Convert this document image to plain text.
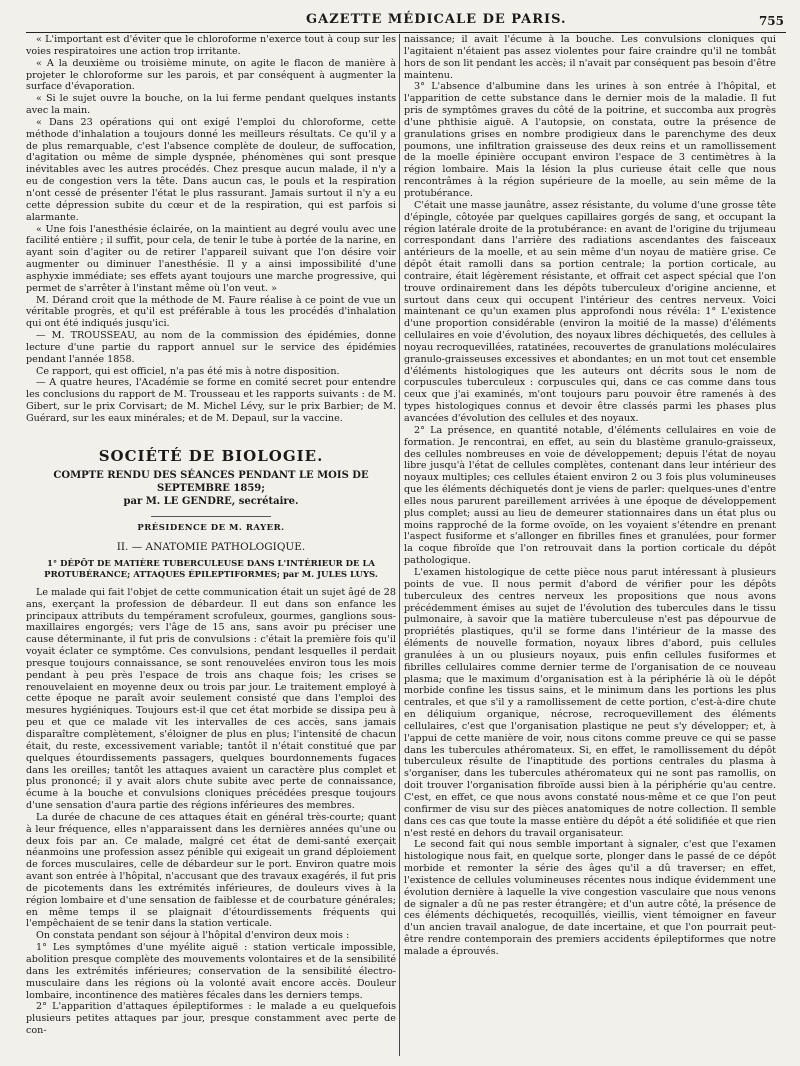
GAZETTE MÉDICALE DE PARIS.	755

« L'important est d'éviter que le chloroforme n'exerce tout à coup sur les voies respiratoires une action trop irritante.

« A la deuxième ou troisième minute, on agite le flacon de manière à projeter le chloroforme sur les parois, et par conséquent à augmenter la surface d'évaporation.

« Si le sujet ouvre la bouche, on la lui ferme pendant quelques instants avec la main.

« Dans 23 opérations qui ont exigé l'emploi du chloroforme, cette méthode d'inhalation a toujours donné les meilleurs résultats. Ce qu'il y a de plus remarquable, c'est l'absence complète de douleur, de suffocation, d'agitation ou même de simple dyspnée, phénomènes qui sont presque inévitables avec les autres procédés. Chez presque aucun malade, il n'y a eu de congestion vers la tête. Dans aucun cas, le pouls et la respiration n'ont cessé de présenter l'état le plus rassurant. Jamais surtout il n'y a eu cette dépression subite du cœur et de la respiration, qui est parfois si alarmante.

« Une fois l'anesthésie éclairée, on la maintient au degré voulu avec une facilité entière ; il suffit, pour cela, de tenir le tube à portée de la narine, en ayant soin d'agiter ou de retirer l'appareil suivant que l'on désire voir augmenter ou diminuer l'anesthésie. Il y a ainsi impossibilité d'une asphyxie immédiate; ses effets ayant toujours une marche progressive, qui permet de s'arrêter à l'instant même où l'on veut. »

M. Dérand croit que la méthode de M. Faure réalise à ce point de vue un véritable progrès, et qu'il est préférable à tous les procédés d'inhalation qui ont été indiqués jusqu'ici.

— M. TROUSSEAU, au nom de la commission des épidémies, donne lecture d'une partie du rapport annuel sur le service des épidémies pendant l'année 1858.

Ce rapport, qui est officiel, n'a pas été mis à notre disposition.

— A quatre heures, l'Académie se forme en comité secret pour entendre les conclusions du rapport de M. Trousseau et les rapports suivants : de M. Gibert, sur le prix Corvisart; de M. Michel Lévy, sur le prix Barbier; de M. Guérard, sur les eaux minérales; et de M. Depaul, sur la vaccine.

SOCIÉTÉ DE BIOLOGIE.
COMPTE RENDU DES SÉANCES PENDANT LE MOIS DE SEPTEMBRE 1859;
par M. LE GENDRE, secrétaire.
PRÉSIDENCE DE M. RAYER.
II. — ANATOMIE PATHOLOGIQUE.
1° DÉPÔT DE MATIÈRE TUBERCULEUSE DANS L'INTÉRIEUR DE LA PROTUBÉRANCE; ATTAQUES ÉPILEPTIFORMES; par M. JULES LUYS.

Le malade qui fait l'objet de cette communication était un sujet âgé de 28 ans, exerçant la profession de débardeur. Il eut dans son enfance les principaux attributs du tempérament scrofuleux, gourmes, ganglions sous-maxillaires engorgés; vers l'âge de 15 ans, sans avoir pu préciser une cause déterminante, il fut pris de convulsions : c'était la première fois qu'il voyait éclater ce symptôme. Ces convulsions, pendant lesquelles il perdait presque toujours connaissance, se sont renouvelées environ tous les mois pendant à peu près l'espace de trois ans chaque fois; les crises se renouvelaient en moyenne deux ou trois par jour. Le traitement employé à cette époque ne paraît avoir seulement consisté que dans l'emploi des mesures hygiéniques. Toujours est-il que cet état morbide se dissipa peu à peu et que ce malade vit les intervalles de ces accès, sans jamais disparaître complètement, s'éloigner de plus en plus; l'intensité de chacun était, du reste, excessivement variable; tantôt il n'était constitué que par quelques étourdissements passagers, quelques bourdonnements fugaces dans les oreilles; tantôt les attaques avaient un caractère plus complet et plus prononcé; il y avait alors chute subite avec perte de connaissance, écume à la bouche et convulsions cloniques précédées presque toujours d'une sensation d'aura partie des régions inférieures des membres.

La durée de chacune de ces attaques était en général très-courte; quant à leur fréquence, elles n'apparaissent dans les dernières années qu'une ou deux fois par an. Ce malade, malgré cet état de demi-santé exerçait néanmoins une profession assez pénible qui exigeait un grand déploiement de forces musculaires, celle de débardeur sur le port. Environ quatre mois avant son entrée à l'hôpital, n'accusant que des travaux exagérés, il fut pris de picotements dans les extrémités inférieures, de douleurs vives à la région lombaire et d'une sensation de faiblesse et de courbature générales; en même temps il se plaignait d'étourdissements fréquents qui l'empêchaient de se tenir dans la station verticale.

On constata pendant son séjour à l'hôpital d'environ deux mois :

1° Les symptômes d'une myélite aiguë : station verticale impossible, abolition presque complète des mouvements volontaires et de la sensibilité dans les extrémités inférieures; conservation de la sensibilité électro-musculaire dans les régions où la volonté avait encore accès. Douleur lombaire, incontinence des matières fécales dans les derniers temps.

2° L'apparition d'attaques épileptiformes : le malade a eu quelquefois plusieurs petites attaques par jour, presque constamment avec perte de con-

naissance; il avait l'écume à la bouche. Les convulsions cloniques qui l'agitaient n'étaient pas assez violentes pour faire craindre qu'il ne tombât hors de son lit pendant les accès; il n'avait par conséquent pas besoin d'être maintenu.

3° L'absence d'albumine dans les urines à son entrée à l'hôpital, et l'apparition de cette substance dans le dernier mois de la maladie. Il fut pris de symptômes graves du côté de la poitrine, et succomba aux progrès d'une phthisie aiguë. A l'autopsie, on constata, outre la présence de granulations grises en nombre prodigieux dans le parenchyme des deux poumons, une infiltration graisseuse des deux reins et un ramollissement de la moelle épinière occupant environ l'espace de 3 centimètres à la région lombaire. Mais la lésion la plus curieuse était celle que nous rencontrâmes à la région supérieure de la moelle, au sein même de la protubérance.

C'était une masse jaunâtre, assez résistante, du volume d'une grosse tête d'épingle, côtoyée par quelques capillaires gorgés de sang, et occupant la région latérale droite de la protubérance: en avant de l'origine du trijumeau correspondant dans l'arrière des radiations ascendantes des faisceaux antérieurs de la moelle, et au sein même d'un noyau de matière grise. Ce dépôt était ramolli dans sa portion centrale; la portion corticale, au contraire, était légèrement résistante, et offrait cet aspect spécial que l'on trouve ordinairement dans les dépôts tuberculeux d'origine ancienne, et surtout dans ceux qui occupent l'intérieur des centres nerveux. Voici maintenant ce qu'un examen plus approfondi nous révéla: 1° L'existence d'une proportion considérable (environ la moitié de la masse) d'éléments cellulaires en voie d'évolution, des noyaux libres déchiquetés, des cellules à noyau recroquevillées, ratatinées, recouvertes de granulations moléculaires granulo-graisseuses excessives et abondantes; en un mot tout cet ensemble d'éléments histologiques que les auteurs ont décrits sous le nom de corpuscules tuberculeux : corpuscules qui, dans ce cas comme dans tous ceux que j'ai examinés, m'ont toujours paru pouvoir être ramenés à des types histologiques connus et devoir être classés parmi les phases plus avancées d'évolution des cellules et des noyaux.

2° La présence, en quantité notable, d'éléments cellulaires en voie de formation. Je rencontrai, en effet, au sein du blastème granulo-graisseux, des cellules nombreuses en voie de développement; depuis l'état de noyau libre jusqu'à l'état de cellules complètes, contenant dans leur intérieur des noyaux multiples; ces cellules étaient environ 2 ou 3 fois plus volumineuses que les éléments déchiquetés dont je viens de parler: quelques-unes d'entre elles nous parurent pareillement arrivées à une époque de développement plus complet; aussi au lieu de demeurer stationnaires dans un état plus ou moins rapproché de la forme ovoïde, on les voyaient s'étendre en prenant l'aspect fusiforme et s'allonger en fibrilles fines et granulées, pour former la coque fibroïde que l'on retrouvait dans la portion corticale du dépôt pathologique.

L'examen histologique de cette pièce nous parut intéressant à plusieurs points de vue. Il nous permit d'abord de vérifier pour les dépôts tuberculeux des centres nerveux les propositions que nous avons précédemment émises au sujet de l'évolution des tubercules dans le tissu pulmonaire, à savoir que la matière tuberculeuse n'est pas dépourvue de propriétés plastiques, qu'il se forme dans l'intérieur de la masse des éléments de nouvelle formation, noyaux libres d'abord, puis cellules granulées à un ou plusieurs noyaux, puis enfin cellules fusiformes et fibrilles cellulaires comme dernier terme de l'organisation de ce nouveau plasma; que le maximum d'organisation est à la périphérie là où le dépôt morbide confine les tissus sains, et le minimum dans les portions les plus centrales, et que s'il y a ramollissement de cette portion, c'est-à-dire chute en déliquium organique, nécrose, recroquevillement des éléments cellulaires, c'est que l'organisation plastique ne peut s'y développer; et, à l'appui de cette manière de voir, nous citons comme preuve ce qui se passe dans les tubercules athéromateux. Si, en effet, le ramollissement du dépôt tuberculeux résulte de l'inaptitude des portions centrales du plasma à s'organiser, dans les tubercules athéromateux qui ne sont pas ramollis, on doit trouver l'organisation fibroïde aussi bien à la périphérie qu'au centre. C'est, en effet, ce que nous avons constaté nous-même et ce que l'on peut confirmer de visu sur des pièces anatomiques de notre collection. Il semble dans ces cas que toute la masse entière du dépôt a été solidifiée et que rien n'est resté en dehors du travail organisateur.

Le second fait qui nous semble important à signaler, c'est que l'examen histologique nous fait, en quelque sorte, plonger dans le passé de ce dépôt morbide et remonter la série des âges qu'il a dû traverser; en effet, l'existence de cellules volumineuses récentes nous indique évidemment une évolution dernière à laquelle la vive congestion vasculaire que nous venons de signaler a dû ne pas rester étrangère; et d'un autre côté, la présence de ces éléments déchiquetés, recoquillés, vieillis, vient témoigner en faveur d'un ancien travail analogue, de date incertaine, et que l'on pourrait peut-être rendre contemporain des premiers accidents épileptiformes que notre malade a éprouvés.
